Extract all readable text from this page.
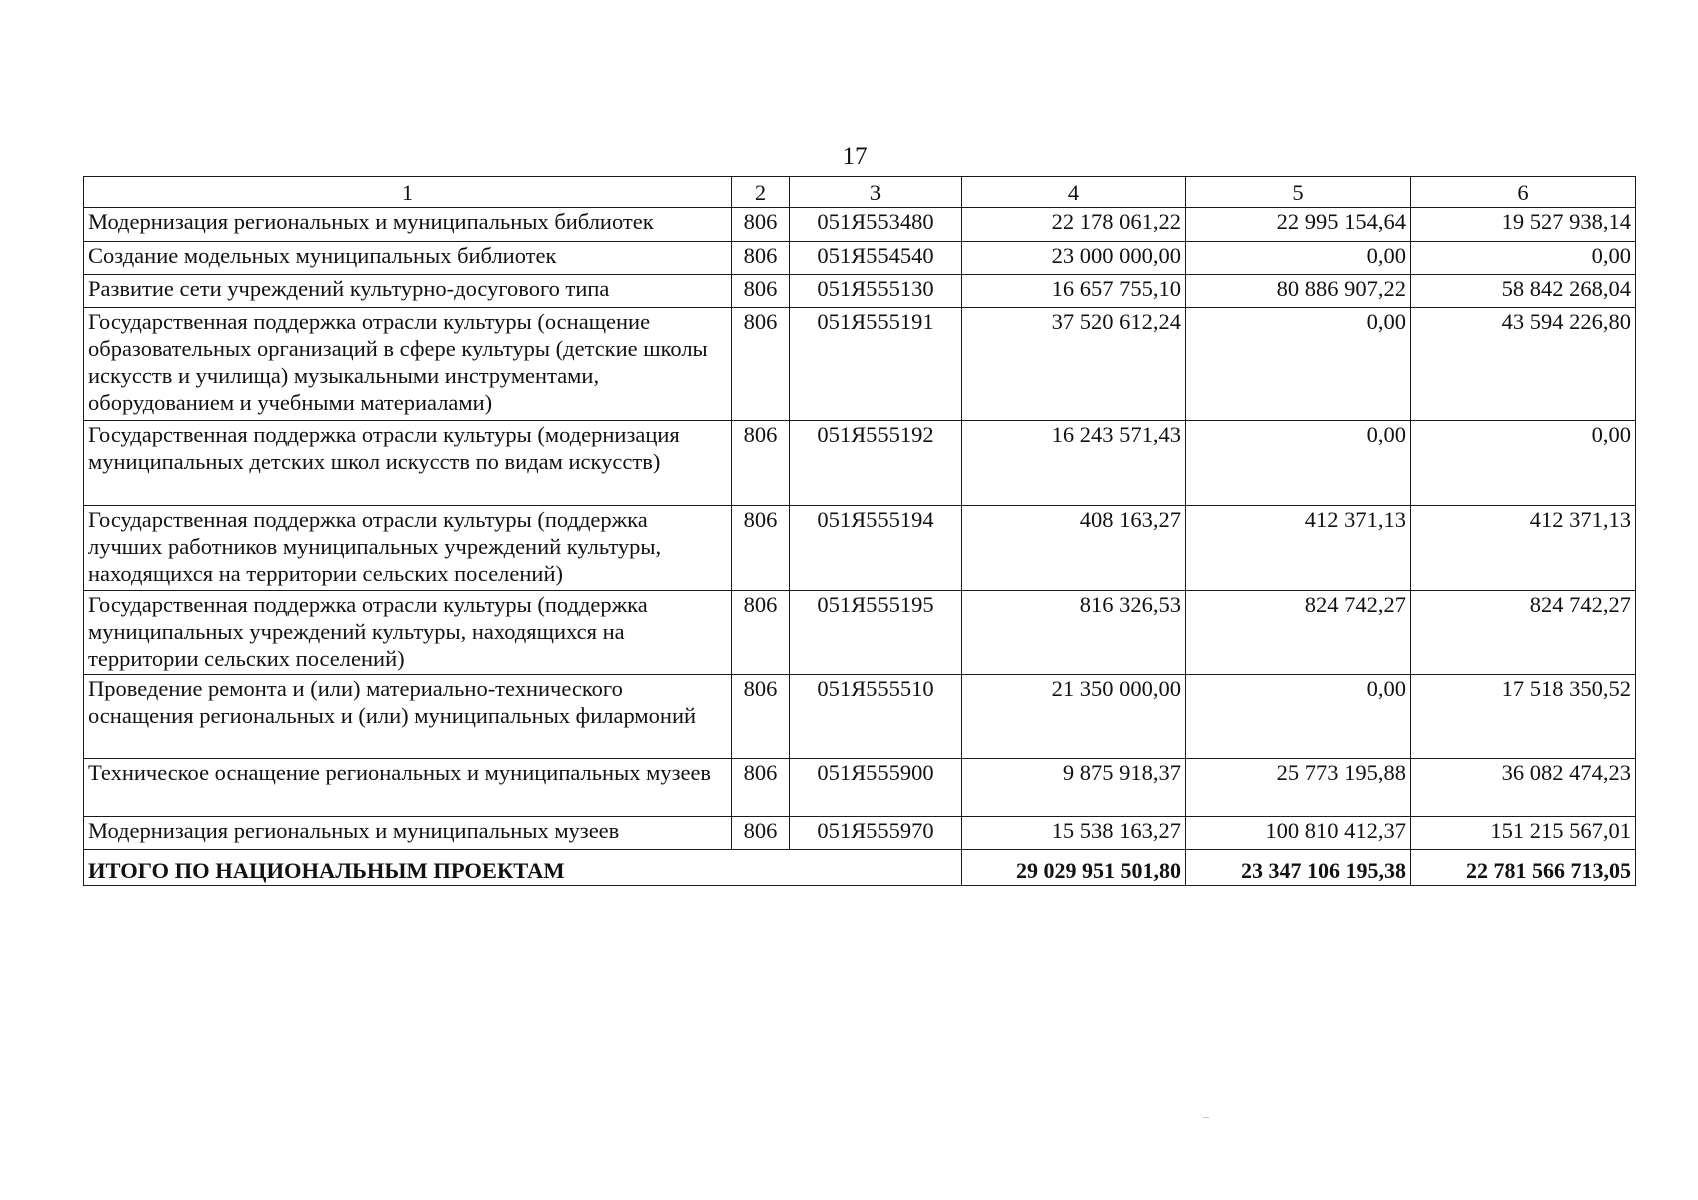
17
1	2	3	4	5	6
Модернизация региональных и муниципальных библиотек	806	051Я553480	22 178 061,22	22 995 154,64	19 527 938,14
Создание модельных муниципальных библиотек	806	051Я554540	23 000 000,00	0,00	0,00
Развитие сети учреждений культурно-досугового типа	806	051Я555130	16 657 755,10	80 886 907,22	58 842 268,04
Государственная поддержка отрасли культуры (оснащение образовательных организаций в сфере культуры (детские школы искусств и училища) музыкальными инструментами, оборудованием и учебными материалами)	806	051Я555191	37 520 612,24	0,00	43 594 226,80
Государственная поддержка отрасли культуры (модернизация муниципальных детских школ искусств по видам искусств)	806	051Я555192	16 243 571,43	0,00	0,00
Государственная поддержка отрасли культуры (поддержка лучших работников муниципальных учреждений культуры, находящихся на территории сельских поселений)	806	051Я555194	408 163,27	412 371,13	412 371,13
Государственная поддержка отрасли культуры (поддержка муниципальных учреждений культуры, находящихся на территории сельских поселений)	806	051Я555195	816 326,53	824 742,27	824 742,27
Проведение ремонта и (или) материально-технического оснащения региональных и (или) муниципальных филармоний	806	051Я555510	21 350 000,00	0,00	17 518 350,52
Техническое оснащение региональных и муниципальных музеев	806	051Я555900	9 875 918,37	25 773 195,88	36 082 474,23
Модернизация региональных и муниципальных музеев	806	051Я555970	15 538 163,27	100 810 412,37	151 215 567,01
ИТОГО ПО НАЦИОНАЛЬНЫМ ПРОЕКТАМ			29 029 951 501,80	23 347 106 195,38	22 781 566 713,05
